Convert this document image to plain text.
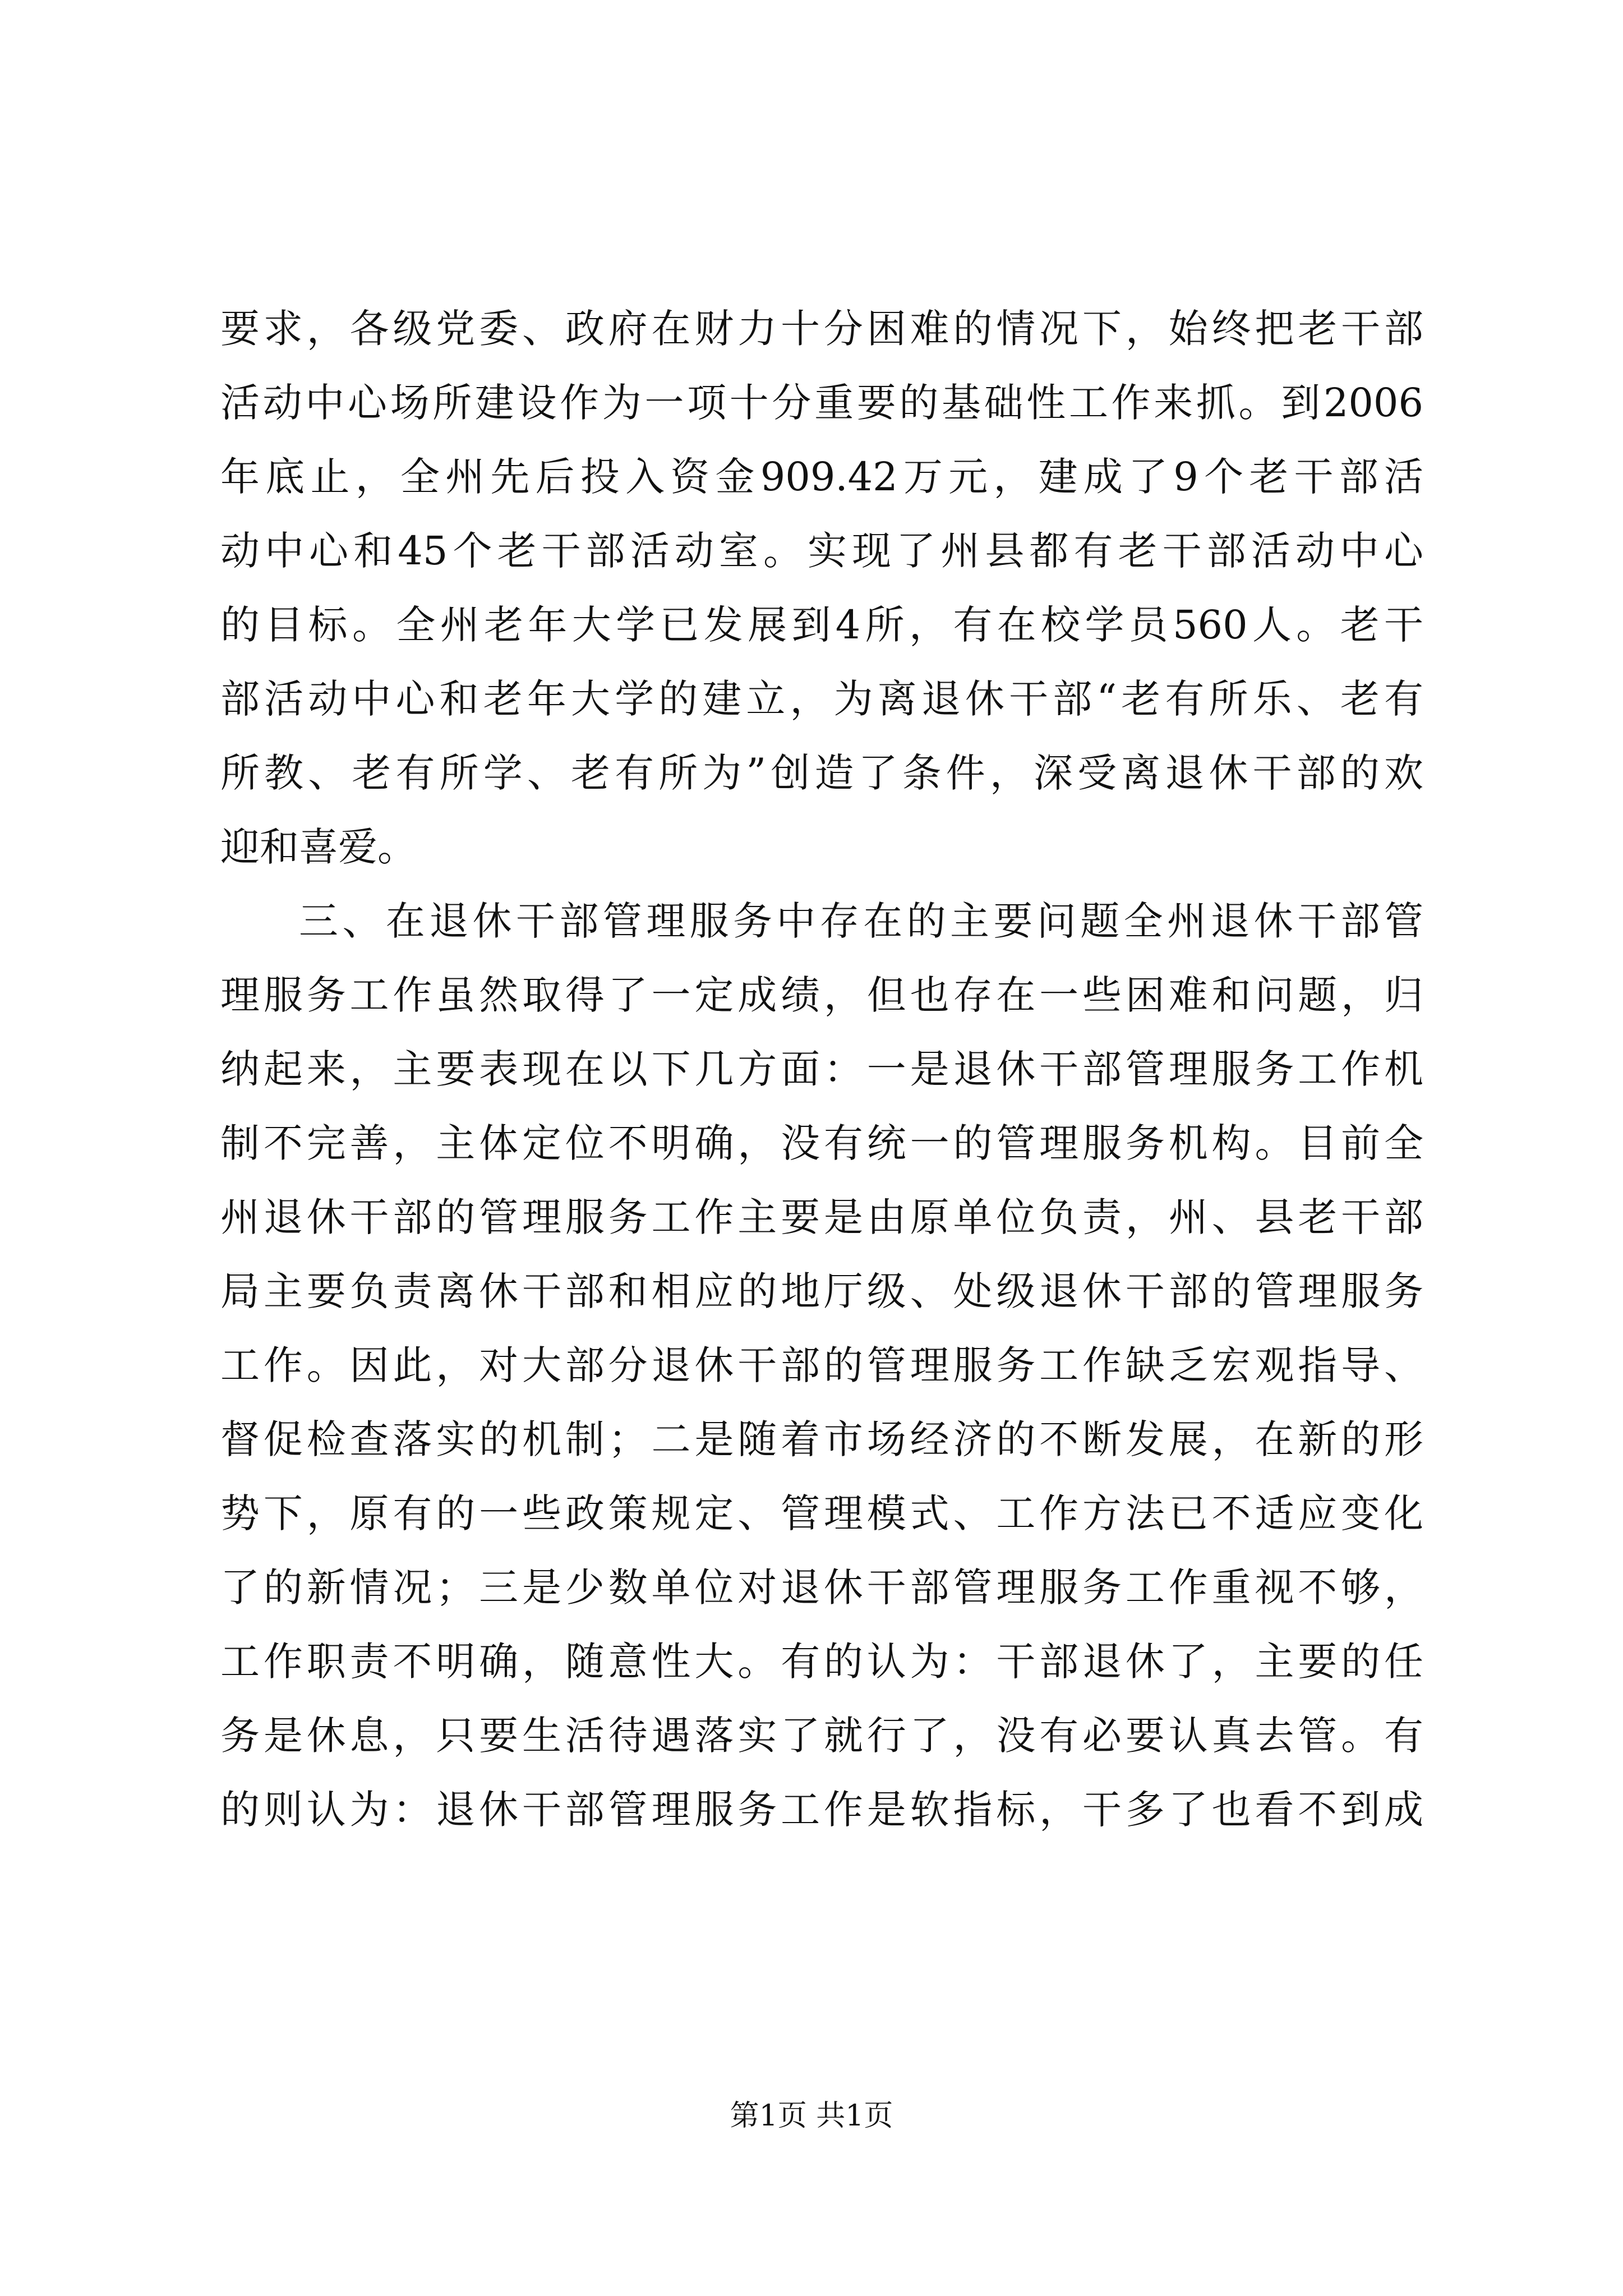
要求，各级党委、政府在财力十分困难的情况下，始终把老干部
活动中心场所建设作为一项十分重要的基础性工作来抓。到2006
年底止，全州先后投入资金909.42万元，建成了9个老干部活
动中心和45个老干部活动室。实现了州县都有老干部活动中心
的目标。全州老年大学已发展到4所，有在校学员560人。老干
部活动中心和老年大学的建立，为离退休干部“老有所乐、老有
所教、老有所学、老有所为”创造了条件，深受离退休干部的欢
迎和喜爱。
三、在退休干部管理服务中存在的主要问题全州退休干部管
理服务工作虽然取得了一定成绩，但也存在一些困难和问题，归
纳起来，主要表现在以下几方面：一是退休干部管理服务工作机
制不完善，主体定位不明确，没有统一的管理服务机构。目前全
州退休干部的管理服务工作主要是由原单位负责，州、县老干部
局主要负责离休干部和相应的地厅级、处级退休干部的管理服务
工作。因此，对大部分退休干部的管理服务工作缺乏宏观指导、
督促检查落实的机制；二是随着市场经济的不断发展，在新的形
势下，原有的一些政策规定、管理模式、工作方法已不适应变化
了的新情况；三是少数单位对退休干部管理服务工作重视不够，
工作职责不明确，随意性大。有的认为：干部退休了，主要的任
务是休息，只要生活待遇落实了就行了，没有必要认真去管。有
的则认为：退休干部管理服务工作是软指标，干多了也看不到成
第1页 共1页
